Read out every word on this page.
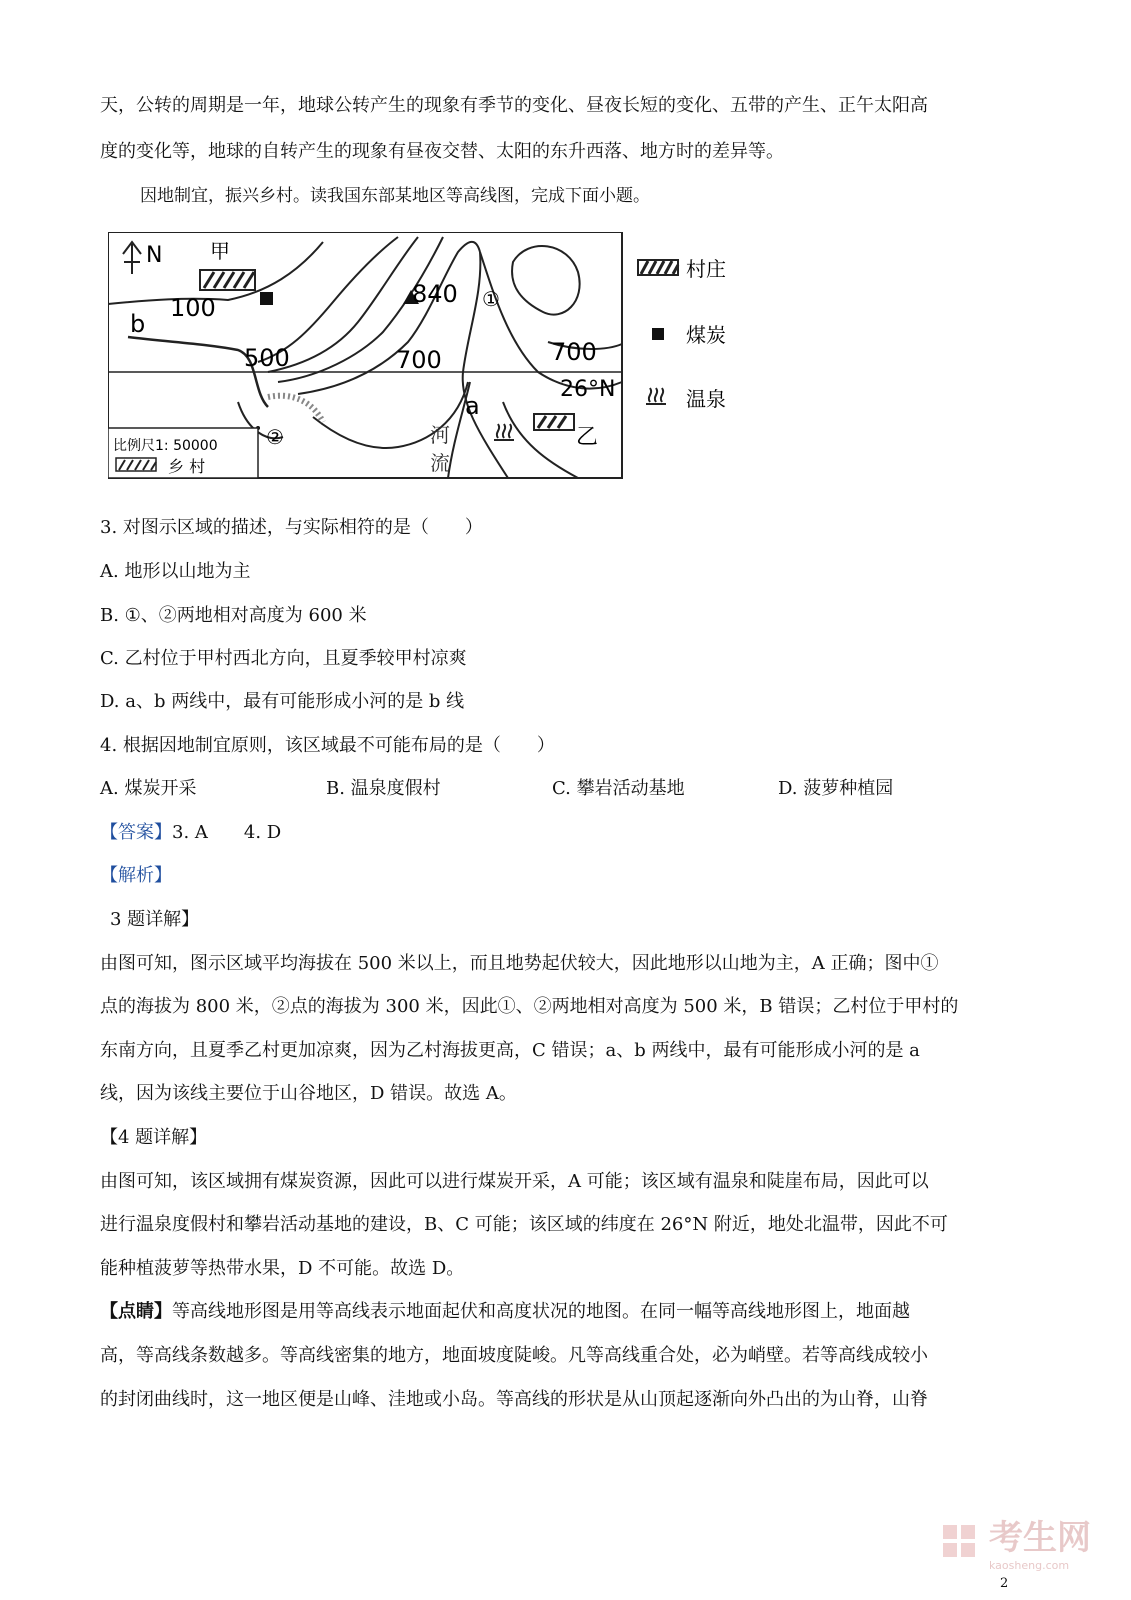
天，公转的周期是一年，地球公转产生的现象有季节的变化、昼夜长短的变化、五带的产生、正午太阳高
度的变化等，地球的自转产生的现象有昼夜交替、太阳的东升西落、地方时的差异等。
因地制宜，振兴乡村。读我国东部某地区等高线图，完成下面小题。
N 甲
100
b
500	700	700
840 ①
26°N
a
乙
河
流
②
比例尺1: 50000
乡 村
村庄
煤炭
温泉
3. 对图示区域的描述，与实际相符的是（　　）
A. 地形以山地为主
B. ①、②两地相对高度为 600 米
C. 乙村位于甲村西北方向，且夏季较甲村凉爽
D. a、b 两线中，最有可能形成小河的是 b 线
4. 根据因地制宜原则，该区域最不可能布局的是（　　）
A. 煤炭开采	B. 温泉度假村	C. 攀岩活动基地	D. 菠萝种植园
【答案】3. A　　4. D
【解析】
3 题详解】
由图可知，图示区域平均海拔在 500 米以上，而且地势起伏较大，因此地形以山地为主，A 正确；图中①
点的海拔为 800 米，②点的海拔为 300 米，因此①、②两地相对高度为 500 米，B 错误；乙村位于甲村的
东南方向，且夏季乙村更加凉爽，因为乙村海拔更高，C 错误；a、b 两线中，最有可能形成小河的是 a
线，因为该线主要位于山谷地区，D 错误。故选 A。
【4 题详解】
由图可知，该区域拥有煤炭资源，因此可以进行煤炭开采，A 可能；该区域有温泉和陡崖布局，因此可以
进行温泉度假村和攀岩活动基地的建设，B、C 可能；该区域的纬度在 26°N 附近，地处北温带，因此不可
能种植菠萝等热带水果，D 不可能。故选 D。
【点睛】等高线地形图是用等高线表示地面起伏和高度状况的地图。在同一幅等高线地形图上，地面越
高，等高线条数越多。等高线密集的地方，地面坡度陡峻。凡等高线重合处，必为峭壁。若等高线成较小
的封闭曲线时，这一地区便是山峰、洼地或小岛。等高线的形状是从山顶起逐渐向外凸出的为山脊，山脊
考生网
kaosheng.com
2
